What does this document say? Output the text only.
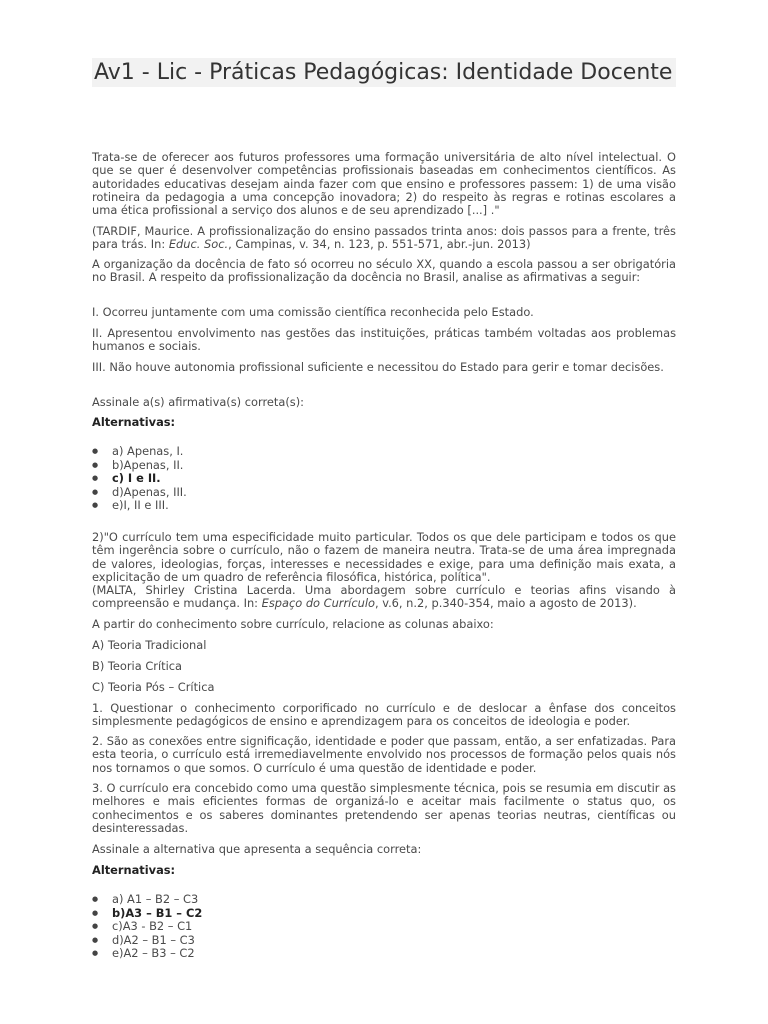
Av1 - Lic - Práticas Pedagógicas: Identidade Docente

Trata-se de oferecer aos futuros professores uma formação universitária de alto nível intelectual. O que se quer é desenvolver competências profissionais baseadas em conhecimentos científicos. As autoridades educativas desejam ainda fazer com que ensino e professores passem: 1) de uma visão rotineira da pedagogia a uma concepção inovadora; 2) do respeito às regras e rotinas escolares a uma ética profissional a serviço dos alunos e de seu aprendizado [...] ."

(TARDIF, Maurice. A profissionalização do ensino passados trinta anos: dois passos para a frente, três para trás. In: Educ. Soc., Campinas, v. 34, n. 123, p. 551-571, abr.-jun. 2013)

A organização da docência de fato só ocorreu no século XX, quando a escola passou a ser obrigatória no Brasil. A respeito da profissionalização da docência no Brasil, analise as afirmativas a seguir:

I. Ocorreu juntamente com uma comissão científica reconhecida pelo Estado.

II. Apresentou envolvimento nas gestões das instituições, práticas também voltadas aos problemas humanos e sociais.

III. Não houve autonomia profissional suficiente e necessitou do Estado para gerir e tomar decisões.

Assinale a(s) afirmativa(s) correta(s):

Alternativas:

● a) Apenas, I.
● b)Apenas, II.
● c) I e II.
● d)Apenas, III.
● e)I, II e III.

2)"O currículo tem uma especificidade muito particular. Todos os que dele participam e todos os que têm ingerência sobre o currículo, não o fazem de maneira neutra. Trata-se de uma área impregnada de valores, ideologias, forças, interesses e necessidades e exige, para uma definição mais exata, a explicitação de um quadro de referência filosófica, histórica, política".

(MALTA, Shirley Cristina Lacerda. Uma abordagem sobre currículo e teorias afins visando à compreensão e mudança. In: Espaço do Currículo, v.6, n.2, p.340-354, maio a agosto de 2013).

A partir do conhecimento sobre currículo, relacione as colunas abaixo:

A) Teoria Tradicional

B) Teoria Crítica

C) Teoria Pós – Crítica

1. Questionar o conhecimento corporificado no currículo e de deslocar a ênfase dos conceitos simplesmente pedagógicos de ensino e aprendizagem para os conceitos de ideologia e poder.

2. São as conexões entre significação, identidade e poder que passam, então, a ser enfatizadas. Para esta teoria, o currículo está irremediavelmente envolvido nos processos de formação pelos quais nós nos tornamos o que somos. O currículo é uma questão de identidade e poder.

3. O currículo era concebido como uma questão simplesmente técnica, pois se resumia em discutir as melhores e mais eficientes formas de organizá-lo e aceitar mais facilmente o status quo, os conhecimentos e os saberes dominantes pretendendo ser apenas teorias neutras, científicas ou desinteressadas.

Assinale a alternativa que apresenta a sequência correta:

Alternativas:

● a) A1 – B2 – C3
● b)A3 – B1 – C2
● c)A3 - B2 – C1
● d)A2 – B1 – C3
● e)A2 – B3 – C2
